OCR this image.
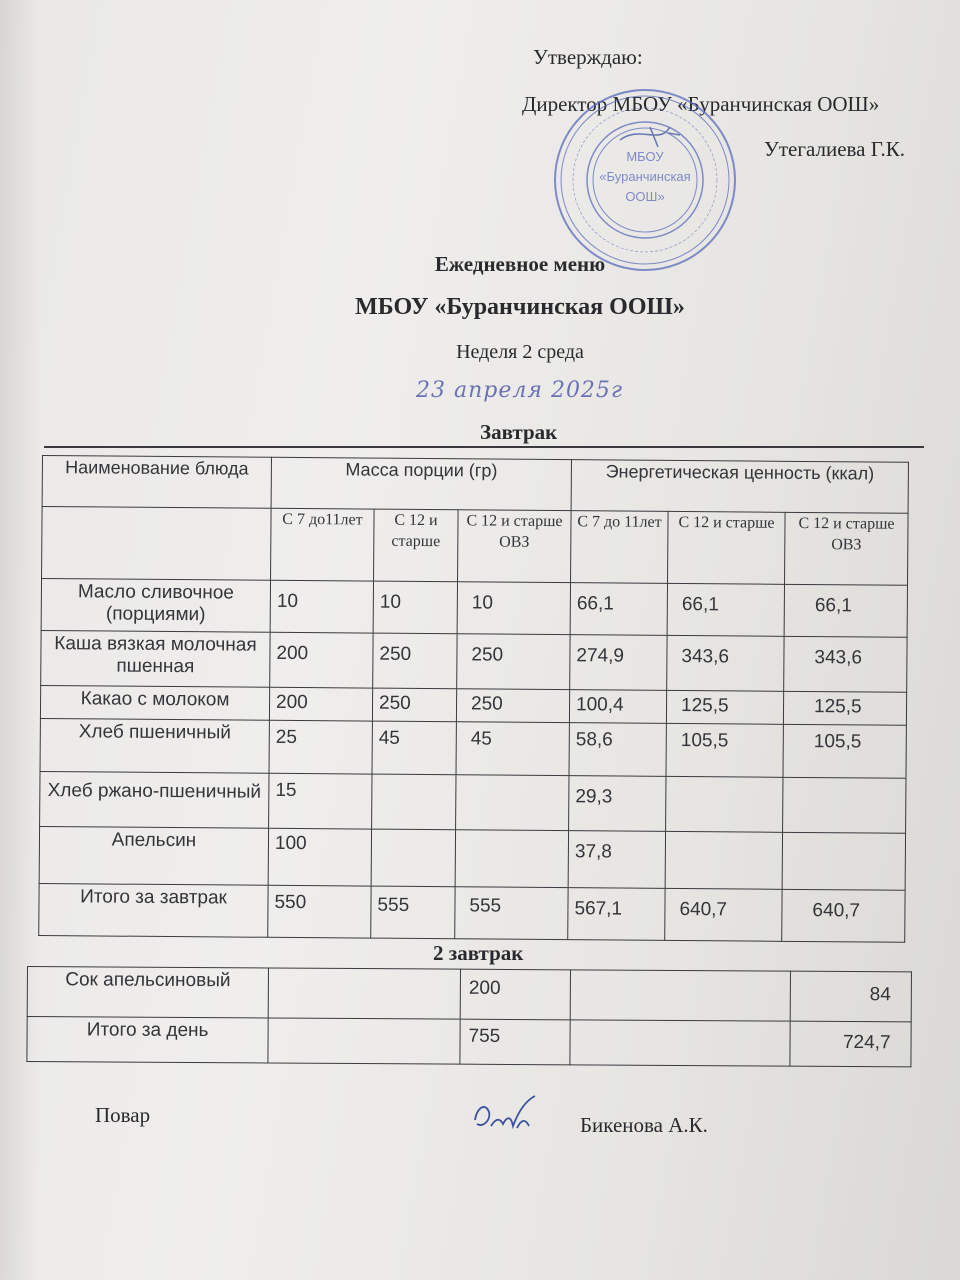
Утверждаю:
Директор МБОУ «Буранчинская ООШ»
Утегалиева Г.К.
МБОУ
«Буранчинская
ООШ»
Ежедневное меню
МБОУ «Буранчинская ООШ»
Неделя 2 среда
23 апреля 2025г
Завтрак
Наименование блюда	Масса порции (гр)			Энергетическая ценность (ккал)		
	С 7 до11лет	С 12 и старше	С 12 и старше ОВЗ	С 7 до 11лет	С 12 и старше	С 12 и старше ОВЗ
Масло сливочное (порциями)	10	10	10	66,1	66,1	66,1
Каша вязкая молочная пшенная	200	250	250	274,9	343,6	343,6
Какао с молоком	200	250	250	100,4	125,5	125,5
Хлеб пшеничный	25	45	45	58,6	105,5	105,5
Хлеб ржано-пшеничный	15			29,3		
Апельсин	100			37,8		
Итого за завтрак	550	555	555	567,1	640,7	640,7
2 завтрак
Сок апельсиновый		200		84
Итого за день		755		724,7
Повар	Бикенова А.К.
